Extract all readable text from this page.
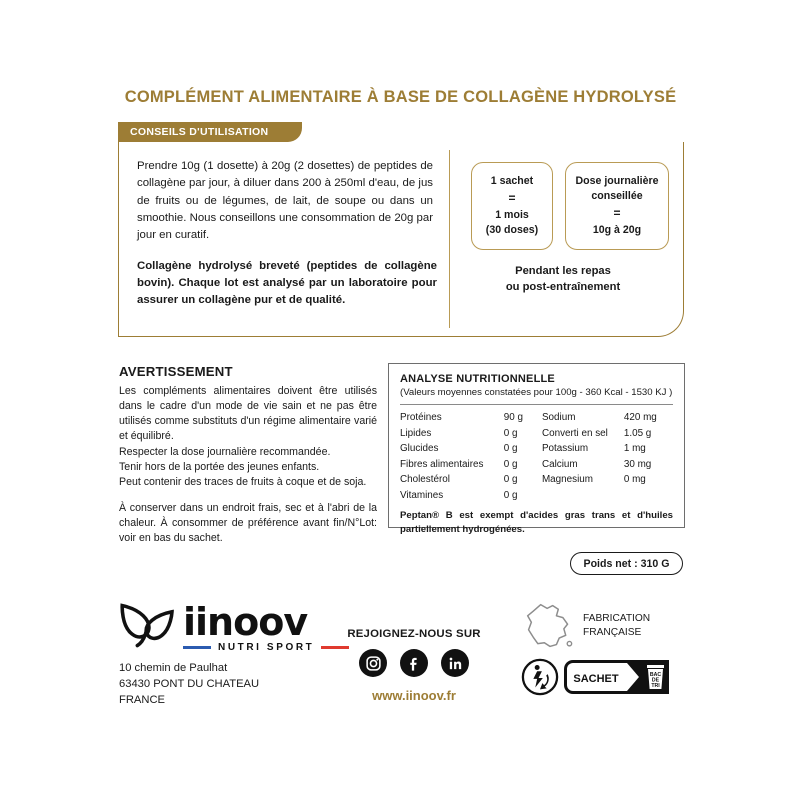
COMPLÉMENT ALIMENTAIRE À BASE DE COLLAGÈNE HYDROLYSÉ
CONSEILS D'UTILISATION
Prendre 10g (1 dosette) à 20g (2 dosettes) de peptides de collagène par jour, à diluer dans 200 à 250ml d'eau, de jus de fruits ou de légumes, de lait, de soupe ou dans un smoothie. Nous conseillons une consommation de 20g par jour en curatif.
Collagène hydrolysé breveté (peptides de collagène bovin). Chaque lot est analysé par un laboratoire pour assurer un collagène pur et de qualité.
1 sachet
=
1 mois
(30 doses)
Dose journalière
conseillée
=
10g à 20g
Pendant les repas
ou post-entraînement
AVERTISSEMENT

Les compléments alimentaires doivent être utilisés dans le cadre d'un mode de vie sain et ne pas être utilisés comme substituts d'un régime alimentaire varié et équilibré.

Respecter la dose journalière recommandée.

Tenir hors de la portée des jeunes enfants.

Peut contenir des traces de fruits à coque et de soja.

À conserver dans un endroit frais, sec et à l'abri de la chaleur. À consommer de préférence avant fin/N°Lot: voir en bas du sachet.

ANALYSE NUTRITIONNELLE
(Valeurs moyennes constatées pour 100g - 360 Kcal - 1530 KJ )
Protéines	90 g	Sodium	420 mg
Lipides	0 g	Converti en sel	1.05 g
Glucides	0 g	Potassium	1 mg
Fibres alimentaires	0 g	Calcium	30 mg
Cholestérol	0 g	Magnesium	0 mg
Vitamines	0 g		
Peptan® B est exempt d'acides gras trans et d'huiles partiellement hydrogénées.
Poids net : 310 G
iinoov
NUTRI SPORT
10 chemin de Paulhat
63430 PONT DU CHATEAU
FRANCE
REJOIGNEZ-NOUS SUR
www.iinoov.fr
FABRICATION
FRANÇAISE
SACHET	BAC
DE
TRI
